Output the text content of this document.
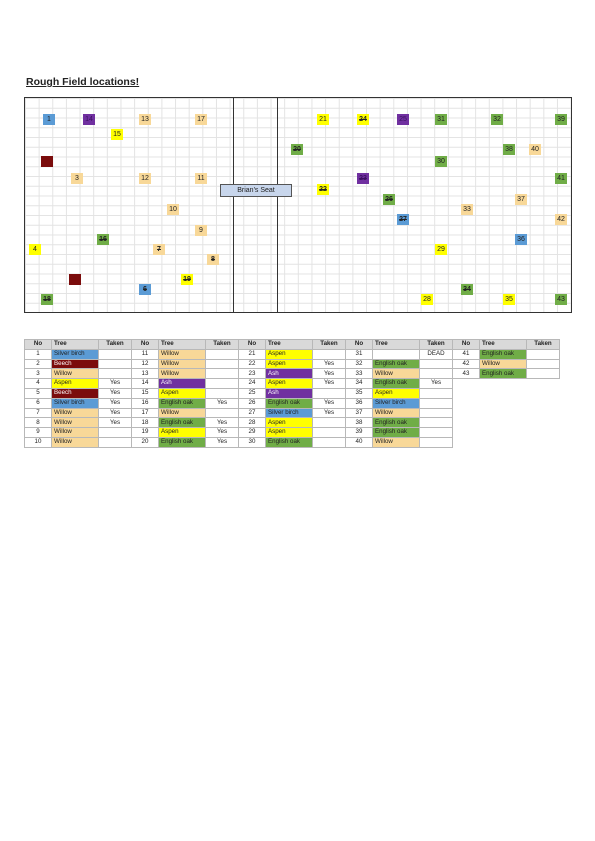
Rough Field locations!
Brian's Seat
1
2
3
4
5
6
7
8
9
10
11
12
13
14
15
16
17
18
19
20
21
22
23
24	25
26
27
28
29
30
31	32
33
34
35
36
37
38
39
40
41
42
43
No	Tree	Taken	No	Tree	Taken	No	Tree	Taken	No	Tree	Taken	No	Tree	Taken
1	Silver birch		11	Willow		21	Aspen		31		DEAD	41	English oak	
2	Beech		12	Willow		22	Aspen	Yes	32	English oak		42	Willow	
3	Willow		13	Willow		23	Ash	Yes	33	Willow		43	English oak	
4	Aspen	Yes	14	Ash		24	Aspen	Yes	34	English oak	Yes			
5	Beech	Yes	15	Aspen		25	Ash		35	Aspen				
6	Silver birch	Yes	16	English oak	Yes	26	English oak	Yes	36	Silver birch				
7	Willow	Yes	17	Willow		27	Silver birch	Yes	37	Willow				
8	Willow	Yes	18	English oak	Yes	28	Aspen		38	English oak				
9	Willow		19	Aspen	Yes	29	Aspen		39	English oak				
10	Willow		20	English oak	Yes	30	English oak		40	Willow				
